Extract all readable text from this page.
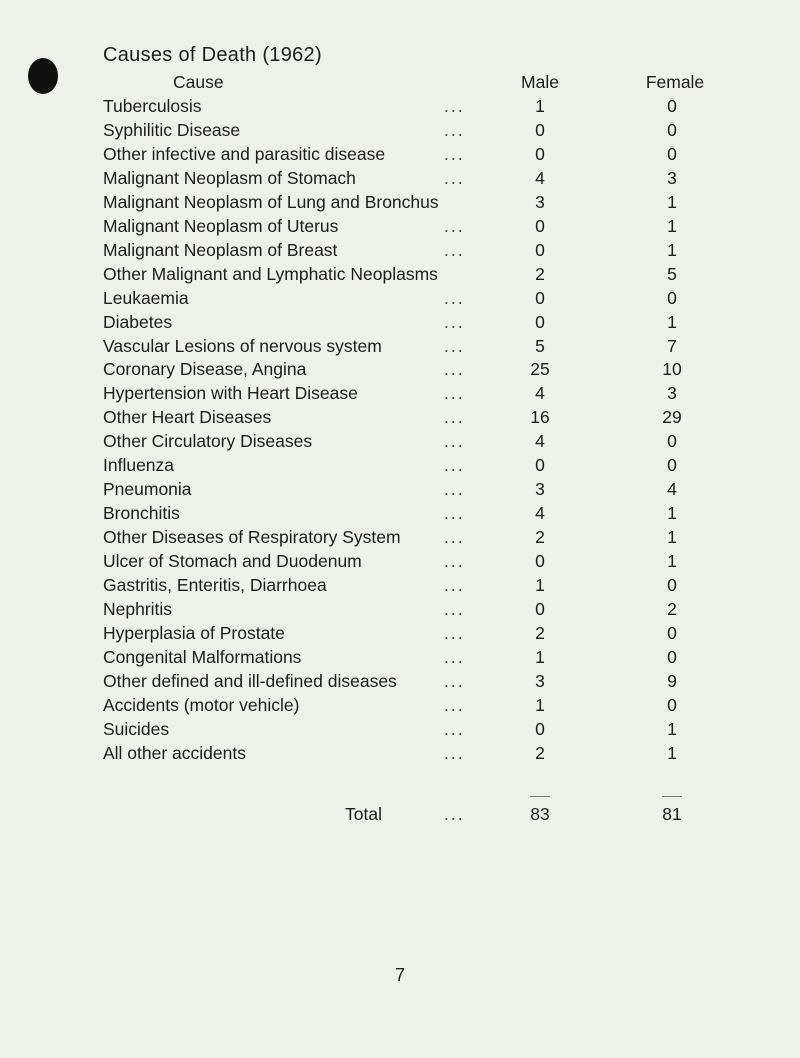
Causes of Death (1962)
Cause	Male	Female
Tuberculosis	...	1	0
Syphilitic Disease	...	0	0
Other infective and parasitic disease	...	0	0
Malignant Neoplasm of Stomach	...	4	3
Malignant Neoplasm of Lung and Bronchus	3	1
Malignant Neoplasm of Uterus	...	0	1
Malignant Neoplasm of Breast	...	0	1
Other Malignant and Lymphatic Neoplasms	2	5
Leukaemia	...	0	0
Diabetes	...	0	1
Vascular Lesions of nervous system	...	5	7
Coronary Disease, Angina	...	25	10
Hypertension with Heart Disease	...	4	3
Other Heart Diseases	...	16	29
Other Circulatory Diseases	...	4	0
Influenza	...	0	0
Pneumonia	...	3	4
Bronchitis	...	4	1
Other Diseases of Respiratory System ...	2	1
Ulcer of Stomach and Duodenum	...	0	1
Gastritis, Enteritis, Diarrhoea	...	1	0
Nephritis	...	0	2
Hyperplasia of Prostate	...	2	0
Congenital Malformations	...	1	0
Other defined and ill-defined diseases	...	3	9
Accidents (motor vehicle)	...	1	0
Suicides	...	0	1
All other accidents	...	2	1
Total	...	83	81
7
